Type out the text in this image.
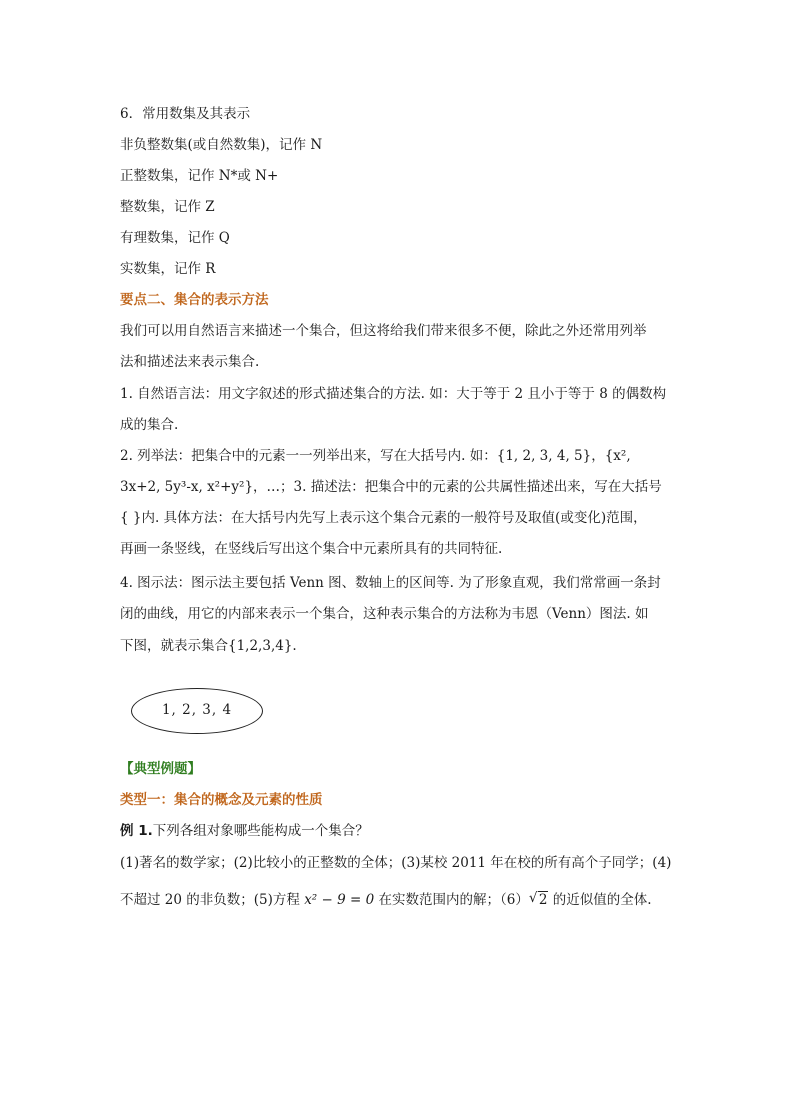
6．常用数集及其表示
非负整数集(或自然数集)，记作 N
正整数集，记作 N*或 N+
整数集，记作 Z
有理数集，记作 Q
实数集，记作 R
要点二、集合的表示方法
我们可以用自然语言来描述一个集合，但这将给我们带来很多不便，除此之外还常用列举
法和描述法来表示集合.
1. 自然语言法：用文字叙述的形式描述集合的方法. 如：大于等于 2 且小于等于 8 的偶数构
成的集合.
2. 列举法：把集合中的元素一一列举出来，写在大括号内. 如：{1, 2, 3, 4, 5}，{x²,
3x+2, 5y³-x, x²+y²}，…；3. 描述法：把集合中的元素的公共属性描述出来，写在大括号
{ }内. 具体方法：在大括号内先写上表示这个集合元素的一般符号及取值(或变化)范围，
再画一条竖线，在竖线后写出这个集合中元素所具有的共同特征.
4. 图示法：图示法主要包括 Venn 图、数轴上的区间等. 为了形象直观，我们常常画一条封
闭的曲线，用它的内部来表示一个集合，这种表示集合的方法称为韦恩（Venn）图法. 如
下图，就表示集合{1,2,3,4}.
1, 2, 3, 4
【典型例题】
类型一：集合的概念及元素的性质
例 1.下列各组对象哪些能构成一个集合？
(1)著名的数学家；(2)比较小的正整数的全体；(3)某校 2011 年在校的所有高个子同学；(4)
不超过 20 的非负数；(5)方程 x² − 9 = 0 在实数范围内的解；（6） √ 2 的近似值的全体.
